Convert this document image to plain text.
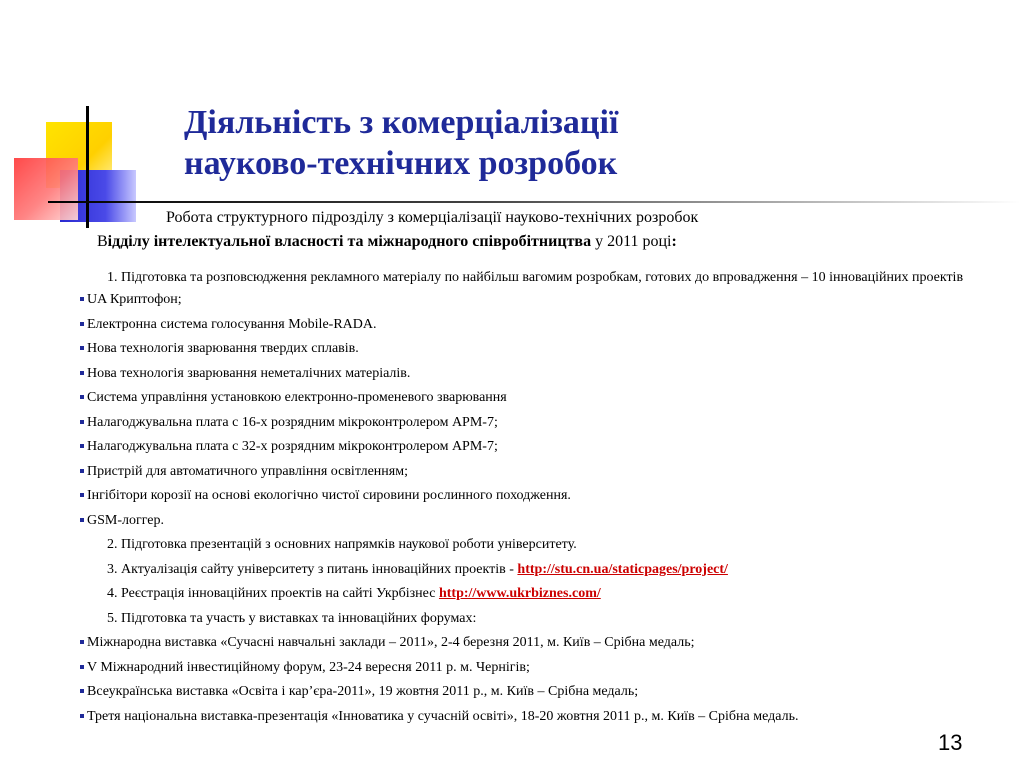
Діяльність з комерціалізації
науково-технічних розробок
Робота структурного підрозділу з комерціалізації науково-технічних розробок
Відділу інтелектуальної власності та міжнародного співробітництва у 2011 році:
1. Підготовка та розповсюдження рекламного матеріалу по найбільш вагомим розробкам, готових до впровадження – 10 інноваційних проектів
UA Криптофон;
Електронна система голосування Mobile-RADA.
Нова технологія зварювання твердих сплавів.
Нова технологія зварювання неметалічних матеріалів.
Система управління установкою електронно-променевого зварювання
Налагоджувальна плата с 16-х розрядним мікроконтролером АРМ-7;
Налагоджувальна плата с 32-х розрядним мікроконтролером АРМ-7;
Пристрій для автоматичного управління освітленням;
Інгібітори корозії на основі екологічно чистої сировини рослинного походження.
GSM-логгер.
2. Підготовка презентацій з основних напрямків наукової роботи університету.
3. Актуалізація сайту університету з питань інноваційних проектів - http://stu.cn.ua/staticpages/project/
4. Реєстрація інноваційних проектів на сайті Укрбізнес http://www.ukrbiznes.com/
5. Підготовка та участь у виставках та інноваційних форумах:
Міжнародна виставка «Сучасні навчальні заклади – 2011», 2-4 березня 2011, м. Київ – Срібна медаль;
V Міжнародний інвестиційному форум, 23-24 вересня 2011 р. м. Чернігів;
Всеукраїнська виставка «Освіта і кар’єра-2011», 19 жовтня 2011 р., м. Київ – Срібна медаль;
Третя національна виставка-презентація «Інноватика у сучасній освіті», 18-20 жовтня 2011 р., м. Київ – Срібна медаль.
13
